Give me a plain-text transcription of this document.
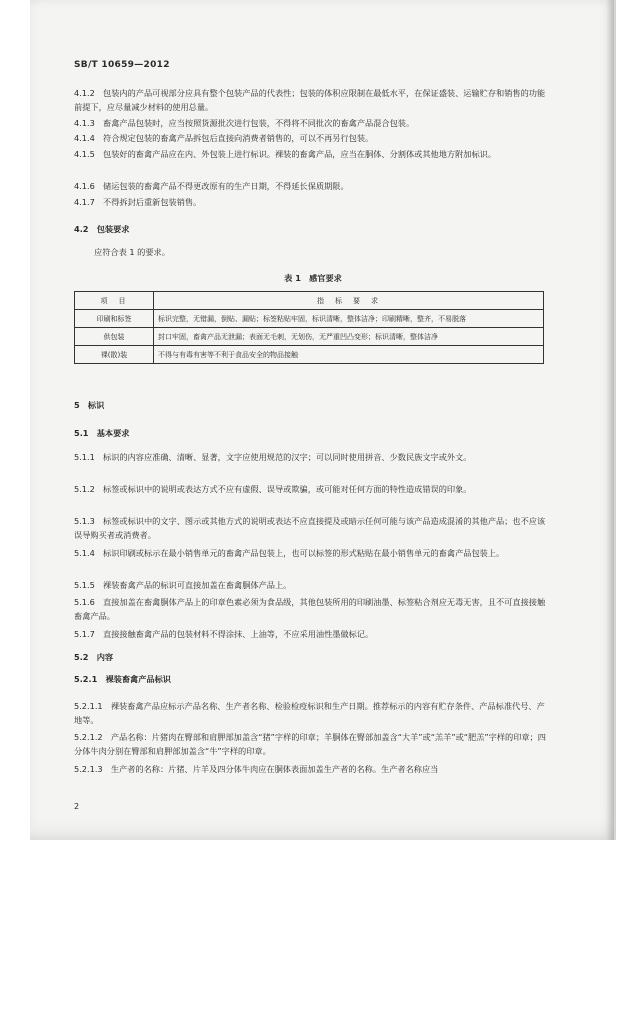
SB/T 10659—2012
4.1.2　包装内的产品可视部分应具有整个包装产品的代表性；包装的体积应限制在最低水平，在保证盛装、运输贮存和销售的功能前提下，应尽量减少材料的使用总量。
4.1.3　畜禽产品包装时，应当按照货源批次进行包装，不得将不同批次的畜禽产品混合包装。
4.1.4　符合规定包装的畜禽产品拆包后直接向消费者销售的，可以不再另行包装。
4.1.5　包装好的畜禽产品应在内、外包装上进行标识。裸装的畜禽产品，应当在胴体、分割体或其他地方附加标识。
4.1.6　储运包装的畜禽产品不得更改原有的生产日期，不得延长保质期限。
4.1.7　不得拆封后重新包装销售。
4.2　包装要求
应符合表 1 的要求。
表 1　感官要求
项　目	指　标　要　求
印刷和标签	标识完整，无错漏，倒贴、漏贴；标签粘贴牢固，标识清晰，整体洁净；印刷精晰，整齐，不易脱落
供包装	封口牢固，畜禽产品无泄漏；表面无毛刺，无划伤，无严重凹凸变形；标识清晰，整体洁净
裸(散)装	不得与有毒有害等不利于食品安全的物品接触
5　标识
5.1　基本要求
5.1.1　标识的内容应准确、清晰、显著，文字应使用规范的汉字；可以同时使用拼音、少数民族文字或外文。
5.1.2　标签或标识中的说明或表达方式不应有虚假、误导或欺骗，或可能对任何方面的特性造成错误的印象。
5.1.3　标签或标识中的文字、图示或其他方式的说明或表达不应直接提及或暗示任何可能与该产品造成混淆的其他产品；也不应该误导购买者或消费者。
5.1.4　标识印刷或标示在最小销售单元的畜禽产品包装上，也可以标签的形式粘贴在最小销售单元的畜禽产品包装上。
5.1.5　裸装畜禽产品的标识可直接加盖在畜禽胴体产品上。
5.1.6　直接加盖在畜禽胴体产品上的印章色素必须为食品级，其他包装所用的印刷油墨、标签粘合剂应无毒无害，且不可直接接触畜禽产品。
5.1.7　直接接触畜禽产品的包装材料不得涂抹、上油等，不应采用油性墨做标记。
5.2　内容
5.2.1　裸装畜禽产品标识
5.2.1.1　裸装畜禽产品应标示产品名称、生产者名称、检验检疫标识和生产日期。推荐标示的内容有贮存条件、产品标准代号、产地等。
5.2.1.2　产品名称：片猪肉在臀部和肩胛部加盖含“猪”字样的印章；羊胴体在臀部加盖含“大羊”或“羔羊”或“肥羔”字样的印章；四分体牛肉分别在臀部和肩胛部加盖含“牛”字样的印章。
5.2.1.3　生产者的名称：片猪、片羊及四分体牛肉应在胴体表面加盖生产者的名称。生产者名称应当
2
